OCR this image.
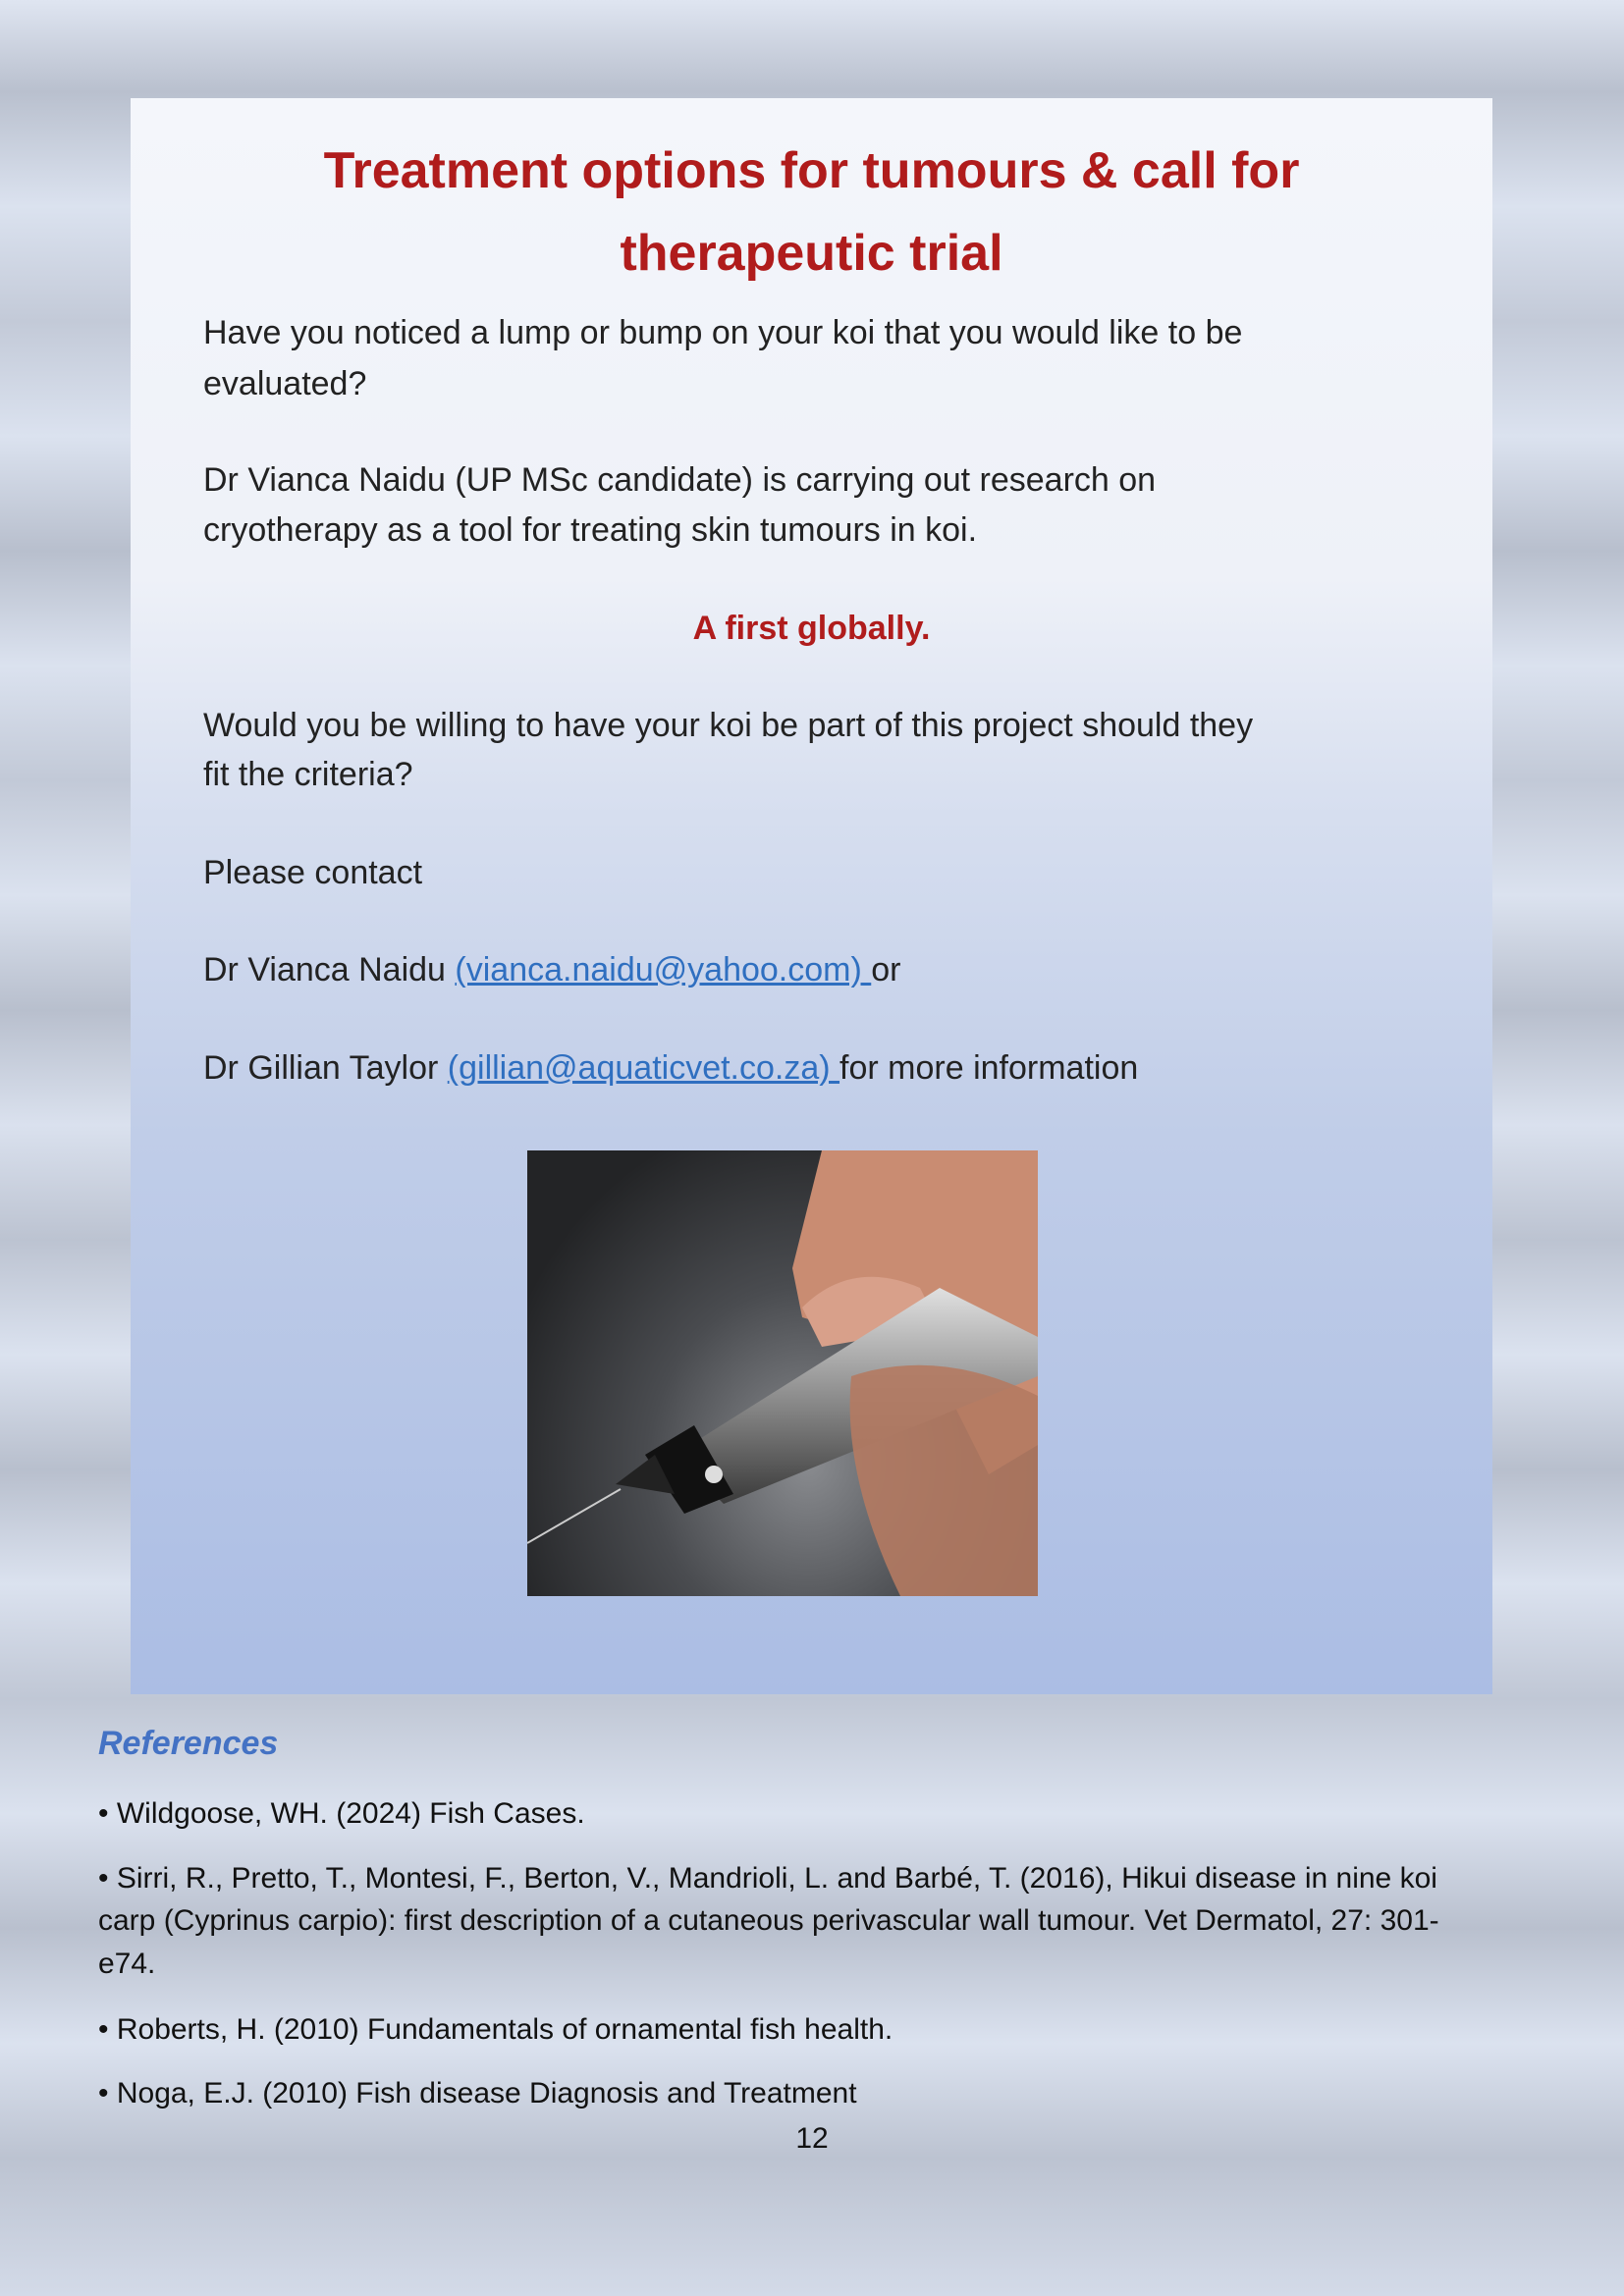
Treatment options for tumours & call for
therapeutic trial
Have you noticed a lump or bump on your koi that you would like to be
evaluated?
Dr Vianca Naidu (UP MSc candidate) is carrying out research on
cryotherapy as a tool for treating skin tumours in koi.
A first globally.
Would you be willing to have your koi be part of this project should they
fit the criteria?
Please contact
Dr Vianca Naidu (vianca.naidu@yahoo.com) or
Dr Gillian Taylor (gillian@aquaticvet.co.za) for more information
References
• Wildgoose, WH. (2024) Fish Cases.
• Sirri, R., Pretto, T., Montesi, F., Berton, V., Mandrioli, L. and Barbé, T. (2016), Hikui disease in nine koi
carp (Cyprinus carpio): first description of a cutaneous perivascular wall tumour. Vet Dermatol, 27: 301-
e74.
• Roberts, H. (2010) Fundamentals of ornamental fish health.
• Noga, E.J. (2010) Fish disease Diagnosis and Treatment
12
